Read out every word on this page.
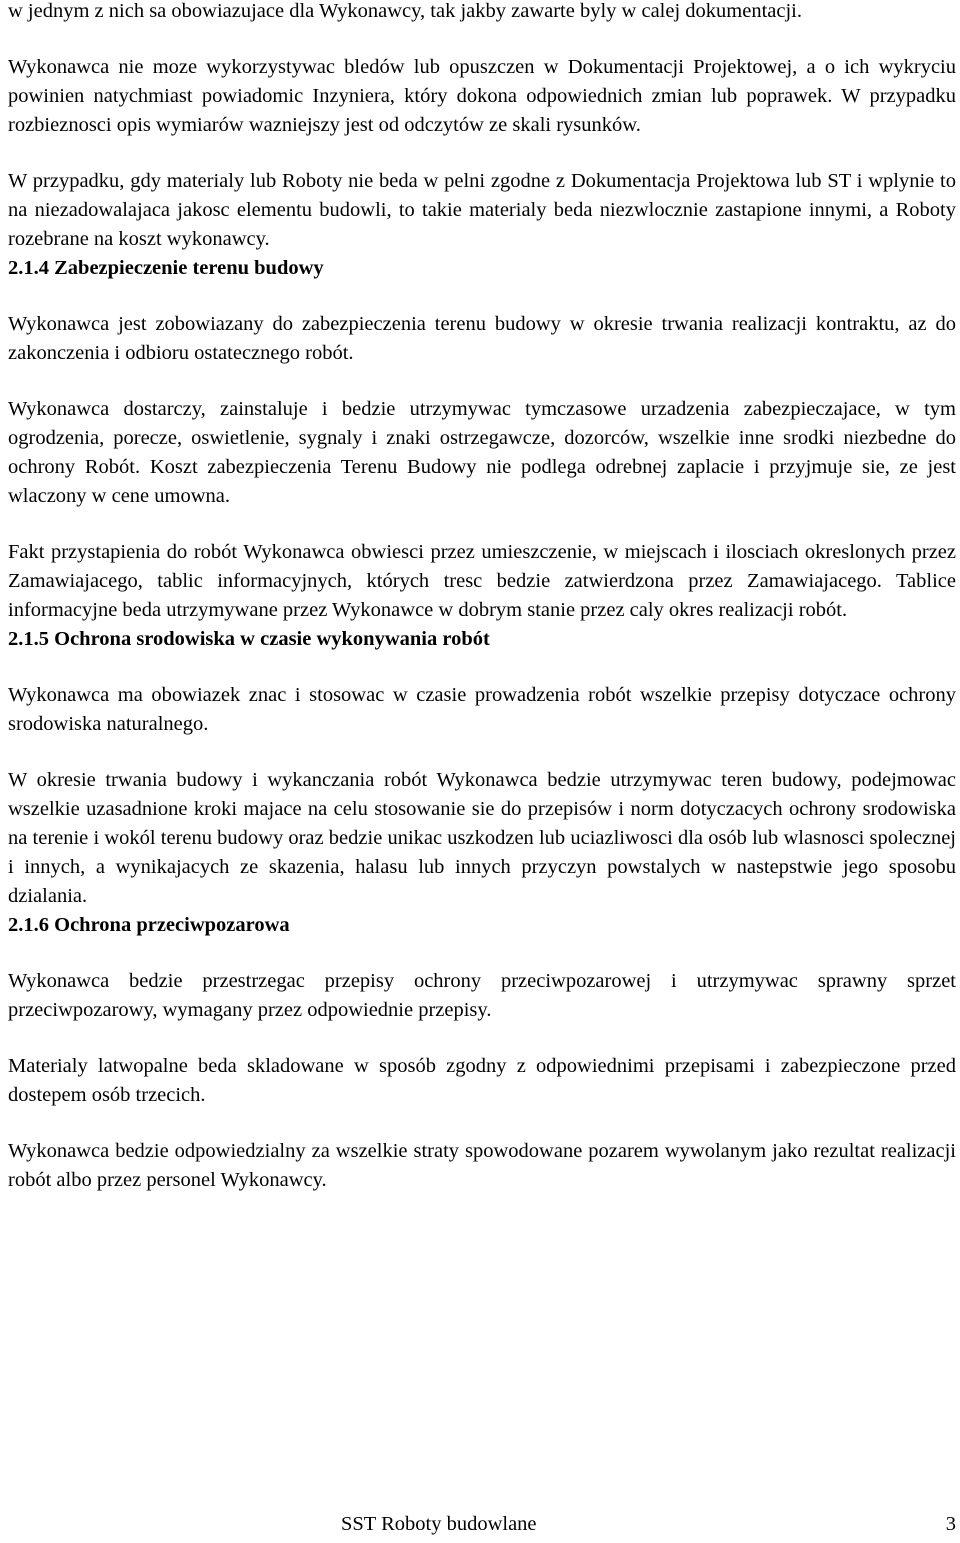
w jednym z nich sa obowiazujace dla Wykonawcy, tak jakby zawarte byly w calej dokumentacji.

Wykonawca nie moze wykorzystywac bledów lub opuszczen w Dokumentacji Projektowej, a o ich wykryciu powinien natychmiast powiadomic Inzyniera, który dokona odpowiednich zmian lub poprawek. W przypadku rozbieznosci opis wymiarów wazniejszy jest od odczytów ze skali rysunków.

W przypadku, gdy materialy lub Roboty nie beda w pelni zgodne z Dokumentacja Projektowa lub ST i wplynie to na niezadowalajaca jakosc elementu budowli, to takie materialy beda niezwlocznie zastapione innymi, a Roboty rozebrane na koszt wykonawcy.

2.1.4 Zabezpieczenie terenu budowy

Wykonawca jest zobowiazany do zabezpieczenia terenu budowy w okresie trwania realizacji kontraktu, az do zakonczenia i odbioru ostatecznego robót.

Wykonawca dostarczy, zainstaluje i bedzie utrzymywac tymczasowe urzadzenia zabezpieczajace, w tym ogrodzenia, porecze, oswietlenie, sygnaly i znaki ostrzegawcze, dozorców, wszelkie inne srodki niezbedne do ochrony Robót. Koszt zabezpieczenia Terenu Budowy nie podlega odrebnej zaplacie i przyjmuje sie, ze jest wlaczony w cene umowna.

Fakt przystapienia do robót Wykonawca obwiesci przez umieszczenie, w miejscach i ilosciach okreslonych przez Zamawiajacego, tablic informacyjnych, których tresc bedzie zatwierdzona przez Zamawiajacego. Tablice informacyjne beda utrzymywane przez Wykonawce w dobrym stanie przez caly okres realizacji robót.

2.1.5 Ochrona srodowiska w czasie wykonywania robót

Wykonawca ma obowiazek znac i stosowac w czasie prowadzenia robót wszelkie przepisy dotyczace ochrony srodowiska naturalnego.

W okresie trwania budowy i wykanczania robót Wykonawca bedzie utrzymywac teren budowy, podejmowac wszelkie uzasadnione kroki majace na celu stosowanie sie do przepisów i norm dotyczacych ochrony srodowiska na terenie i wokól terenu budowy oraz bedzie unikac uszkodzen lub uciazliwosci dla osób lub wlasnosci spolecznej i innych, a wynikajacych ze skazenia, halasu lub innych przyczyn powstalych w nastepstwie jego sposobu dzialania.

2.1.6 Ochrona przeciwpozarowa

Wykonawca bedzie przestrzegac przepisy ochrony przeciwpozarowej i utrzymywac sprawny sprzet przeciwpozarowy, wymagany przez odpowiednie przepisy.

Materialy latwopalne beda skladowane w sposób zgodny z odpowiednimi przepisami i zabezpieczone przed dostepem osób trzecich.

Wykonawca bedzie odpowiedzialny za wszelkie straty spowodowane pozarem wywolanym jako rezultat realizacji robót albo przez personel Wykonawcy.

SST Roboty budowlane	3
